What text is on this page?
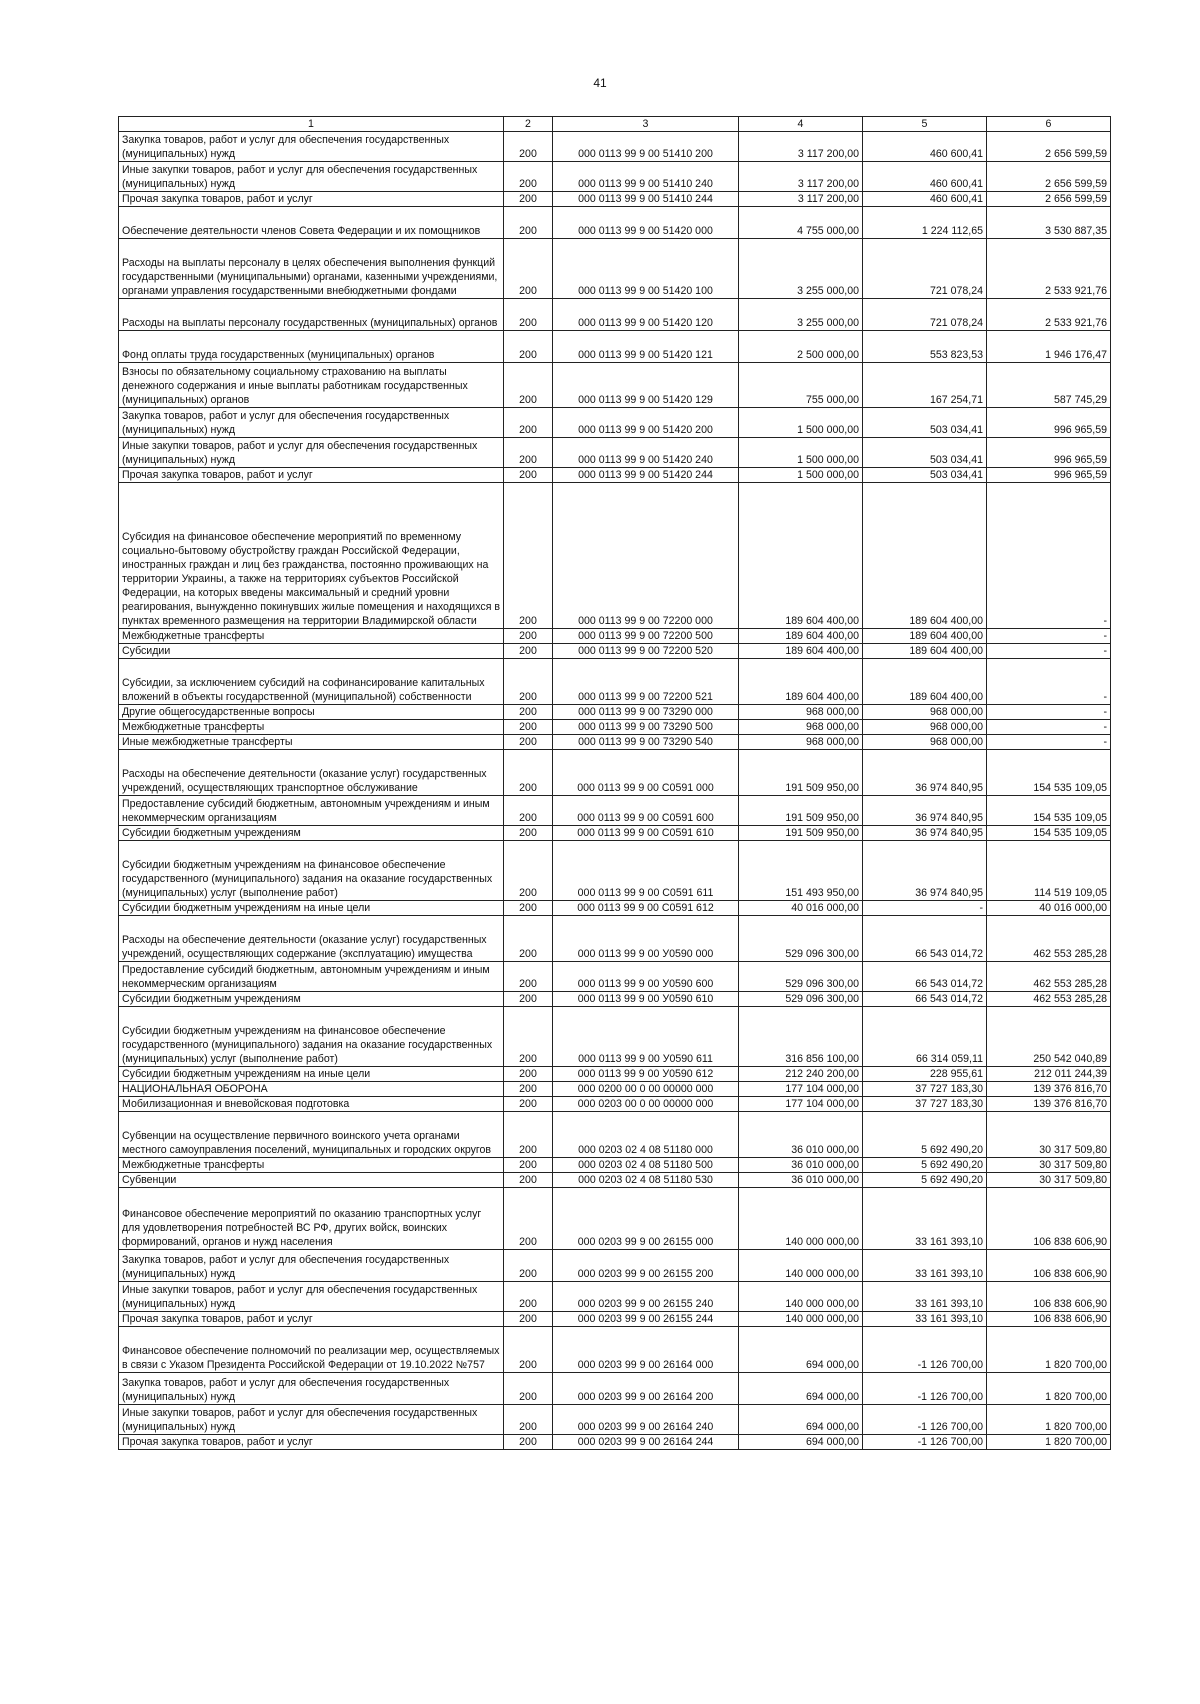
41
1	2	3	4	5	6
Закупка товаров, работ и услуг для обеспечения государственных (муниципальных) нужд	200	000 0113 99 9 00 51410 200	3 117 200,00	460 600,41	2 656 599,59
Иные закупки товаров, работ и услуг для обеспечения государственных (муниципальных) нужд	200	000 0113 99 9 00 51410 240	3 117 200,00	460 600,41	2 656 599,59
Прочая закупка товаров, работ и услуг	200	000 0113 99 9 00 51410 244	3 117 200,00	460 600,41	2 656 599,59
Обеспечение деятельности членов Совета Федерации и их помощников	200	000 0113 99 9 00 51420 000	4 755 000,00	1 224 112,65	3 530 887,35
Расходы на выплаты персоналу в целях обеспечения выполнения функций государственными (муниципальными) органами, казенными учреждениями, органами управления государственными внебюджетными фондами	200	000 0113 99 9 00 51420 100	3 255 000,00	721 078,24	2 533 921,76
Расходы на выплаты персоналу государственных (муниципальных) органов	200	000 0113 99 9 00 51420 120	3 255 000,00	721 078,24	2 533 921,76
Фонд оплаты труда государственных (муниципальных) органов	200	000 0113 99 9 00 51420 121	2 500 000,00	553 823,53	1 946 176,47
Взносы по обязательному социальному страхованию на выплаты денежного содержания и иные выплаты работникам государственных (муниципальных) органов	200	000 0113 99 9 00 51420 129	755 000,00	167 254,71	587 745,29
Закупка товаров, работ и услуг для обеспечения государственных (муниципальных) нужд	200	000 0113 99 9 00 51420 200	1 500 000,00	503 034,41	996 965,59
Иные закупки товаров, работ и услуг для обеспечения государственных (муниципальных) нужд	200	000 0113 99 9 00 51420 240	1 500 000,00	503 034,41	996 965,59
Прочая закупка товаров, работ и услуг	200	000 0113 99 9 00 51420 244	1 500 000,00	503 034,41	996 965,59
Субсидия на финансовое обеспечение мероприятий по временному социально-бытовому обустройству граждан Российской Федерации, иностранных граждан и лиц без гражданства, постоянно проживающих на территории Украины, а также на территориях субъектов Российской Федерации, на которых введены максимальный и средний уровни реагирования, вынужденно покинувших жилые помещения и находящихся в пунктах временного размещения на территории Владимирской области	200	000 0113 99 9 00 72200 000	189 604 400,00	189 604 400,00	-
Межбюджетные трансферты	200	000 0113 99 9 00 72200 500	189 604 400,00	189 604 400,00	-
Субсидии	200	000 0113 99 9 00 72200 520	189 604 400,00	189 604 400,00	-
Субсидии, за исключением субсидий на софинансирование капитальных вложений в объекты государственной (муниципальной) собственности	200	000 0113 99 9 00 72200 521	189 604 400,00	189 604 400,00	-
Другие общегосударственные вопросы	200	000 0113 99 9 00 73290 000	968 000,00	968 000,00	-
Межбюджетные трансферты	200	000 0113 99 9 00 73290 500	968 000,00	968 000,00	-
Иные межбюджетные трансферты	200	000 0113 99 9 00 73290 540	968 000,00	968 000,00	-
Расходы на обеспечение деятельности (оказание услуг) государственных учреждений, осуществляющих транспортное обслуживание	200	000 0113 99 9 00 С0591 000	191 509 950,00	36 974 840,95	154 535 109,05
Предоставление субсидий бюджетным, автономным учреждениям и иным некоммерческим организациям	200	000 0113 99 9 00 С0591 600	191 509 950,00	36 974 840,95	154 535 109,05
Субсидии бюджетным учреждениям	200	000 0113 99 9 00 С0591 610	191 509 950,00	36 974 840,95	154 535 109,05
Субсидии бюджетным учреждениям на финансовое обеспечение государственного (муниципального) задания на оказание государственных (муниципальных) услуг (выполнение работ)	200	000 0113 99 9 00 С0591 611	151 493 950,00	36 974 840,95	114 519 109,05
Субсидии бюджетным учреждениям на иные цели	200	000 0113 99 9 00 С0591 612	40 016 000,00	-	40 016 000,00
Расходы на обеспечение деятельности (оказание услуг) государственных учреждений, осуществляющих содержание (эксплуатацию) имущества	200	000 0113 99 9 00 У0590 000	529 096 300,00	66 543 014,72	462 553 285,28
Предоставление субсидий бюджетным, автономным учреждениям и иным некоммерческим организациям	200	000 0113 99 9 00 У0590 600	529 096 300,00	66 543 014,72	462 553 285,28
Субсидии бюджетным учреждениям	200	000 0113 99 9 00 У0590 610	529 096 300,00	66 543 014,72	462 553 285,28
Субсидии бюджетным учреждениям на финансовое обеспечение государственного (муниципального) задания на оказание государственных (муниципальных) услуг (выполнение работ)	200	000 0113 99 9 00 У0590 611	316 856 100,00	66 314 059,11	250 542 040,89
Субсидии бюджетным учреждениям на иные цели	200	000 0113 99 9 00 У0590 612	212 240 200,00	228 955,61	212 011 244,39
НАЦИОНАЛЬНАЯ ОБОРОНА	200	000 0200 00 0 00 00000 000	177 104 000,00	37 727 183,30	139 376 816,70
Мобилизационная и вневойсковая подготовка	200	000 0203 00 0 00 00000 000	177 104 000,00	37 727 183,30	139 376 816,70
Субвенции на осуществление первичного воинского учета органами местного самоуправления поселений, муниципальных и городских округов	200	000 0203 02 4 08 51180 000	36 010 000,00	5 692 490,20	30 317 509,80
Межбюджетные трансферты	200	000 0203 02 4 08 51180 500	36 010 000,00	5 692 490,20	30 317 509,80
Субвенции	200	000 0203 02 4 08 51180 530	36 010 000,00	5 692 490,20	30 317 509,80
Финансовое обеспечение мероприятий по оказанию транспортных услуг для удовлетворения потребностей ВС РФ, других войск, воинских формирований, органов и нужд населения	200	000 0203 99 9 00 26155 000	140 000 000,00	33 161 393,10	106 838 606,90
Закупка товаров, работ и услуг для обеспечения государственных (муниципальных) нужд	200	000 0203 99 9 00 26155 200	140 000 000,00	33 161 393,10	106 838 606,90
Иные закупки товаров, работ и услуг для обеспечения государственных (муниципальных) нужд	200	000 0203 99 9 00 26155 240	140 000 000,00	33 161 393,10	106 838 606,90
Прочая закупка товаров, работ и услуг	200	000 0203 99 9 00 26155 244	140 000 000,00	33 161 393,10	106 838 606,90
Финансовое обеспечение полномочий по реализации мер, осуществляемых в связи с Указом Президента Российской Федерации от 19.10.2022 №757	200	000 0203 99 9 00 26164 000	694 000,00	-1 126 700,00	1 820 700,00
Закупка товаров, работ и услуг для обеспечения государственных (муниципальных) нужд	200	000 0203 99 9 00 26164 200	694 000,00	-1 126 700,00	1 820 700,00
Иные закупки товаров, работ и услуг для обеспечения государственных (муниципальных) нужд	200	000 0203 99 9 00 26164 240	694 000,00	-1 126 700,00	1 820 700,00
Прочая закупка товаров, работ и услуг	200	000 0203 99 9 00 26164 244	694 000,00	-1 126 700,00	1 820 700,00
